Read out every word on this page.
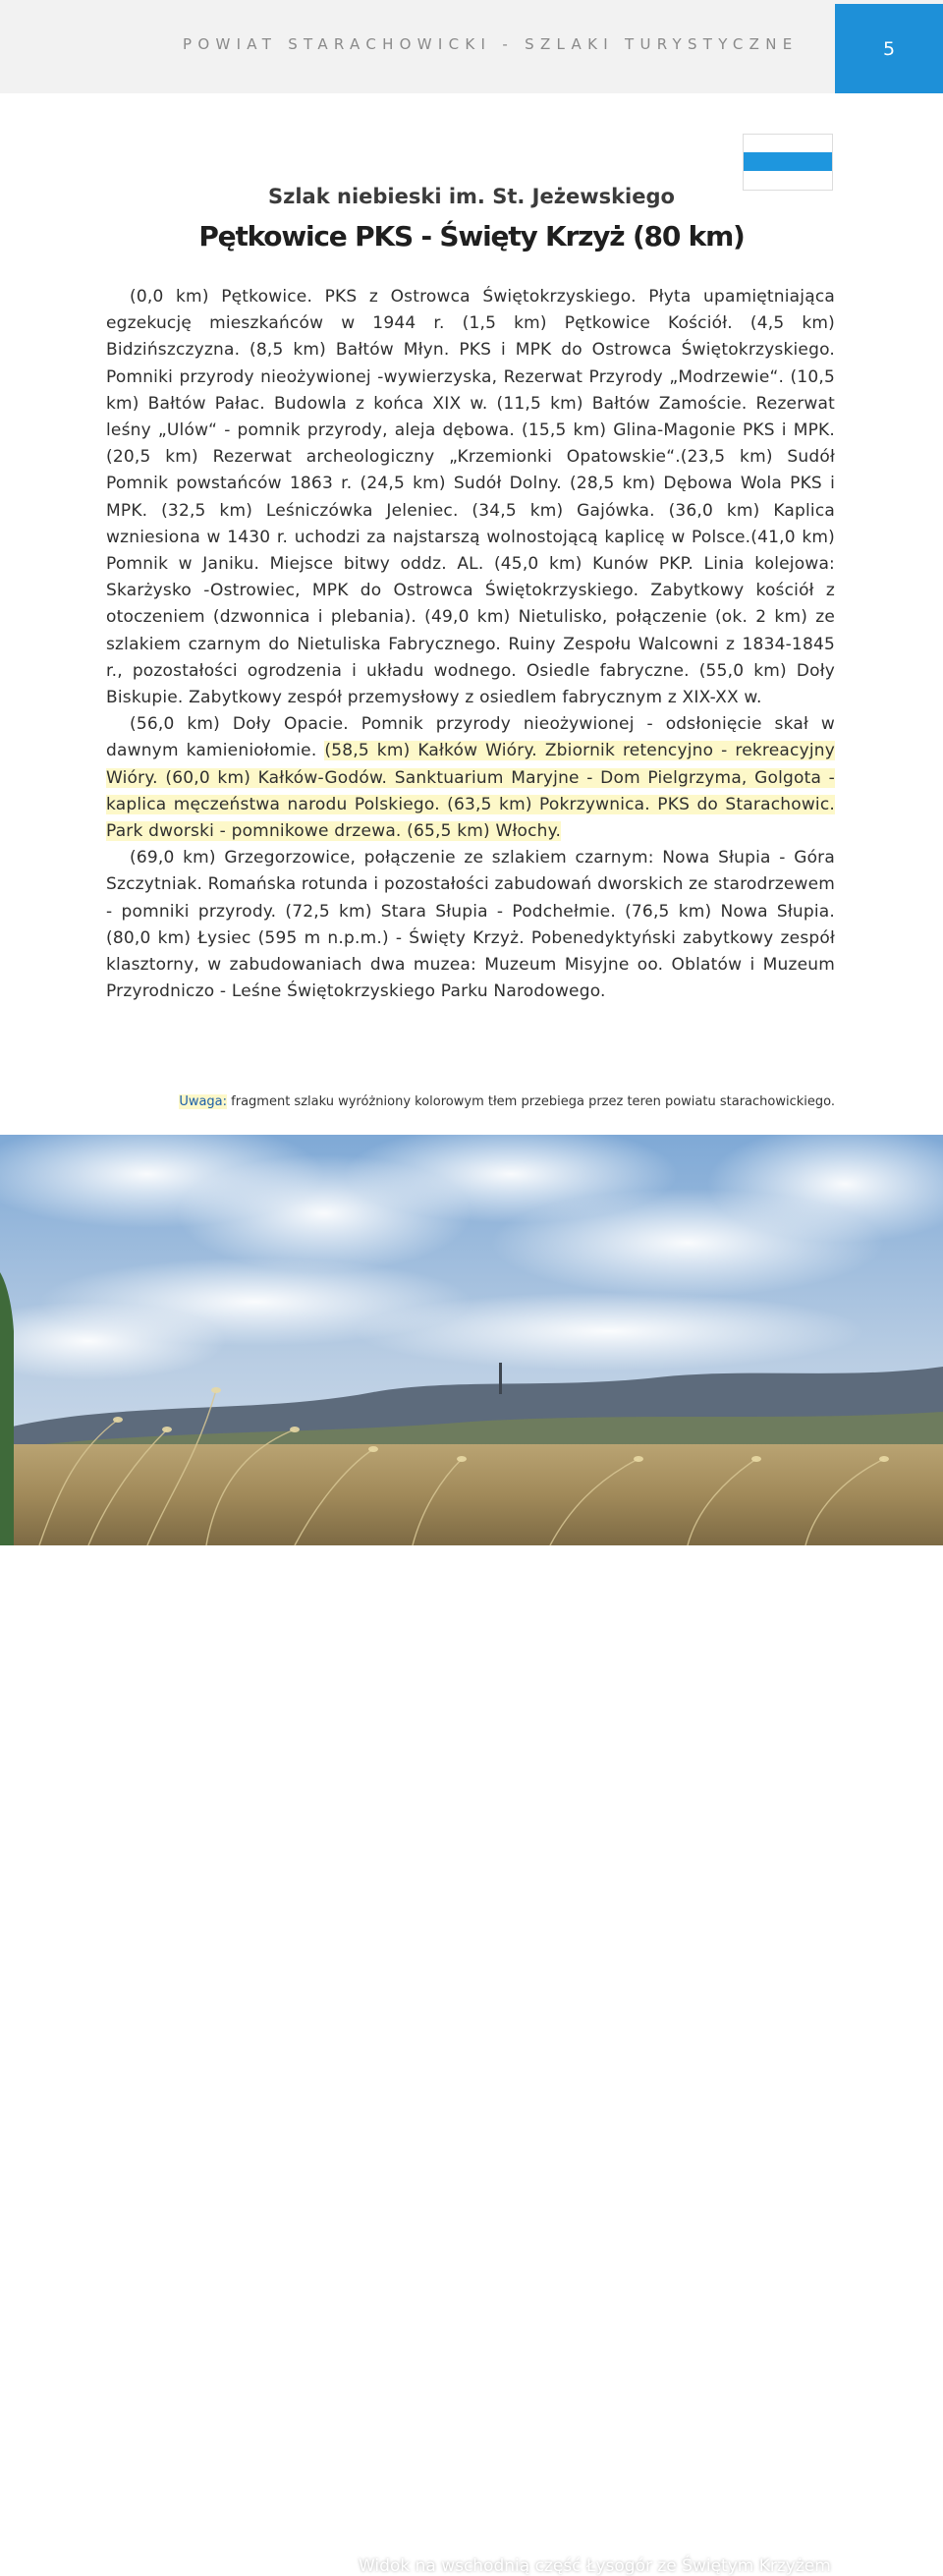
POWIAT STARACHOWICKI - SZLAKI TURYSTYCZNE	5
Szlak niebieski im. St. Jeżewskiego
Pętkowice PKS - Święty Krzyż (80 km)

(0,0 km) Pętkowice. PKS z Ostrowca Świętokrzyskiego. Płyta upamiętniająca egzekucję mieszkańców w 1944 r. (1,5 km) Pętkowice Kościół. (4,5 km) Bidzińszczyzna. (8,5 km) Bałtów Młyn. PKS i MPK do Ostrowca Świętokrzyskiego. Pomniki przyrody nieożywionej -wywierzyska, Rezerwat Przyrody „Modrzewie“. (10,5 km) Bałtów Pałac. Budowla z końca XIX w. (11,5 km) Bałtów Zamoście. Rezerwat leśny „Ulów“ - pomnik przyrody, aleja dębowa. (15,5 km) Glina-Magonie PKS i MPK. (20,5 km) Rezerwat archeologiczny „Krzemionki Opatowskie“.(23,5 km) Sudół Pomnik powstańców 1863 r. (24,5 km) Sudół Dolny. (28,5 km) Dębowa Wola PKS i MPK. (32,5 km) Leśniczówka Jeleniec. (34,5 km) Gajówka. (36,0 km) Kaplica wzniesiona w 1430 r. uchodzi za najstarszą wolnostojącą kaplicę w Polsce.(41,0 km) Pomnik w Janiku. Miejsce bitwy oddz. AL. (45,0 km) Kunów PKP. Linia kolejowa: Skarżysko -Ostrowiec, MPK do Ostrowca Świętokrzyskiego. Zabytkowy kościół z otoczeniem (dzwonnica i plebania). (49,0 km) Nietulisko, połączenie (ok. 2 km) ze szlakiem czarnym do Nietuliska Fabrycznego. Ruiny Zespołu Walcowni z 1834-1845 r., pozostałości ogrodzenia i układu wodnego. Osiedle fabryczne. (55,0 km) Doły Biskupie. Zabytkowy zespół przemysłowy z osiedlem fabrycznym z XIX-XX w.

(56,0 km) Doły Opacie. Pomnik przyrody nieożywionej - odsłonięcie skał w dawnym kamieniołomie. (58,5 km) Kałków Wióry. Zbiornik retencyjno - rekreacyjny Wióry. (60,0 km) Kałków-Godów. Sanktuarium Maryjne - Dom Pielgrzyma, Golgota - kaplica męczeństwa narodu Polskiego. (63,5 km) Pokrzywnica. PKS do Starachowic. Park dworski - pomnikowe drzewa. (65,5 km) Włochy.

(69,0 km) Grzegorzowice, połączenie ze szlakiem czarnym: Nowa Słupia - Góra Szczytniak. Romańska rotunda i pozostałości zabudowań dworskich ze starodrzewem - pomniki przyrody. (72,5 km) Stara Słupia - Podchełmie. (76,5 km) Nowa Słupia. (80,0 km) Łysiec (595 m n.p.m.) - Święty Krzyż. Pobenedyktyński zabytkowy zespół klasztorny, w zabudowaniach dwa muzea: Muzeum Misyjne oo. Oblatów i Muzeum Przyrodniczo - Leśne Świętokrzyskiego Parku Narodowego.

Uwaga: fragment szlaku wyróżniony kolorowym tłem przebiega przez teren powiatu starachowickiego.
Widok na wschodnią część Łysogór ze Świętym Krzyżem
